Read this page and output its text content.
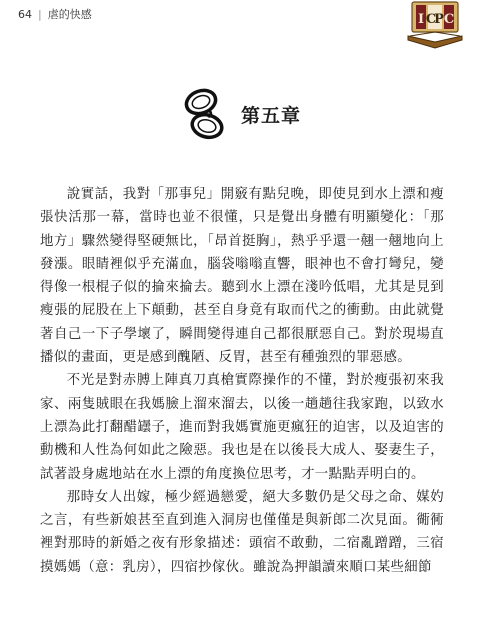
64 | 虐的快感	I C
P C
第五章

說實話，我對「那事兒」開竅有點兒晚，即使見到水上漂和瘦張快活那一幕，當時也並不很懂，只是覺出身體有明顯變化：「那地方」驟然變得堅硬無比，「昂首挺胸」，熱乎乎還一翹一翹地向上發漲。眼睛裡似乎充滿血，腦袋嗡嗡直響，眼神也不會打彎兒，變得像一根棍子似的掄來掄去。聽到水上漂在淺吟低唱，尤其是見到瘦張的屁股在上下顛動，甚至自身竟有取而代之的衝動。由此就覺著自己一下子學壞了，瞬間變得連自己都很厭惡自己。對於現場直播似的畫面，更是感到醜陋、反胃，甚至有種強烈的罪惡感。

不光是對赤膊上陣真刀真槍實際操作的不懂，對於瘦張初來我家、兩隻賊眼在我媽臉上溜來溜去，以後一趟趟往我家跑，以致水上漂為此打翻醋罎子，進而對我媽實施更瘋狂的迫害，以及迫害的動機和人性為何如此之險惡。我也是在以後長大成人、娶妻生子，試著設身處地站在水上漂的角度換位思考，才一點點弄明白的。

那時女人出嫁，極少經過戀愛，絕大多數仍是父母之命、媒妁之言，有些新娘甚至直到進入洞房也僅僅是與新郎二次見面。衚衕裡對那時的新婚之夜有形象描述：頭宿不敢動，二宿亂蹭蹭，三宿摸媽媽（意：乳房），四宿抄傢伙。雖說為押韻讀來順口某些細節
